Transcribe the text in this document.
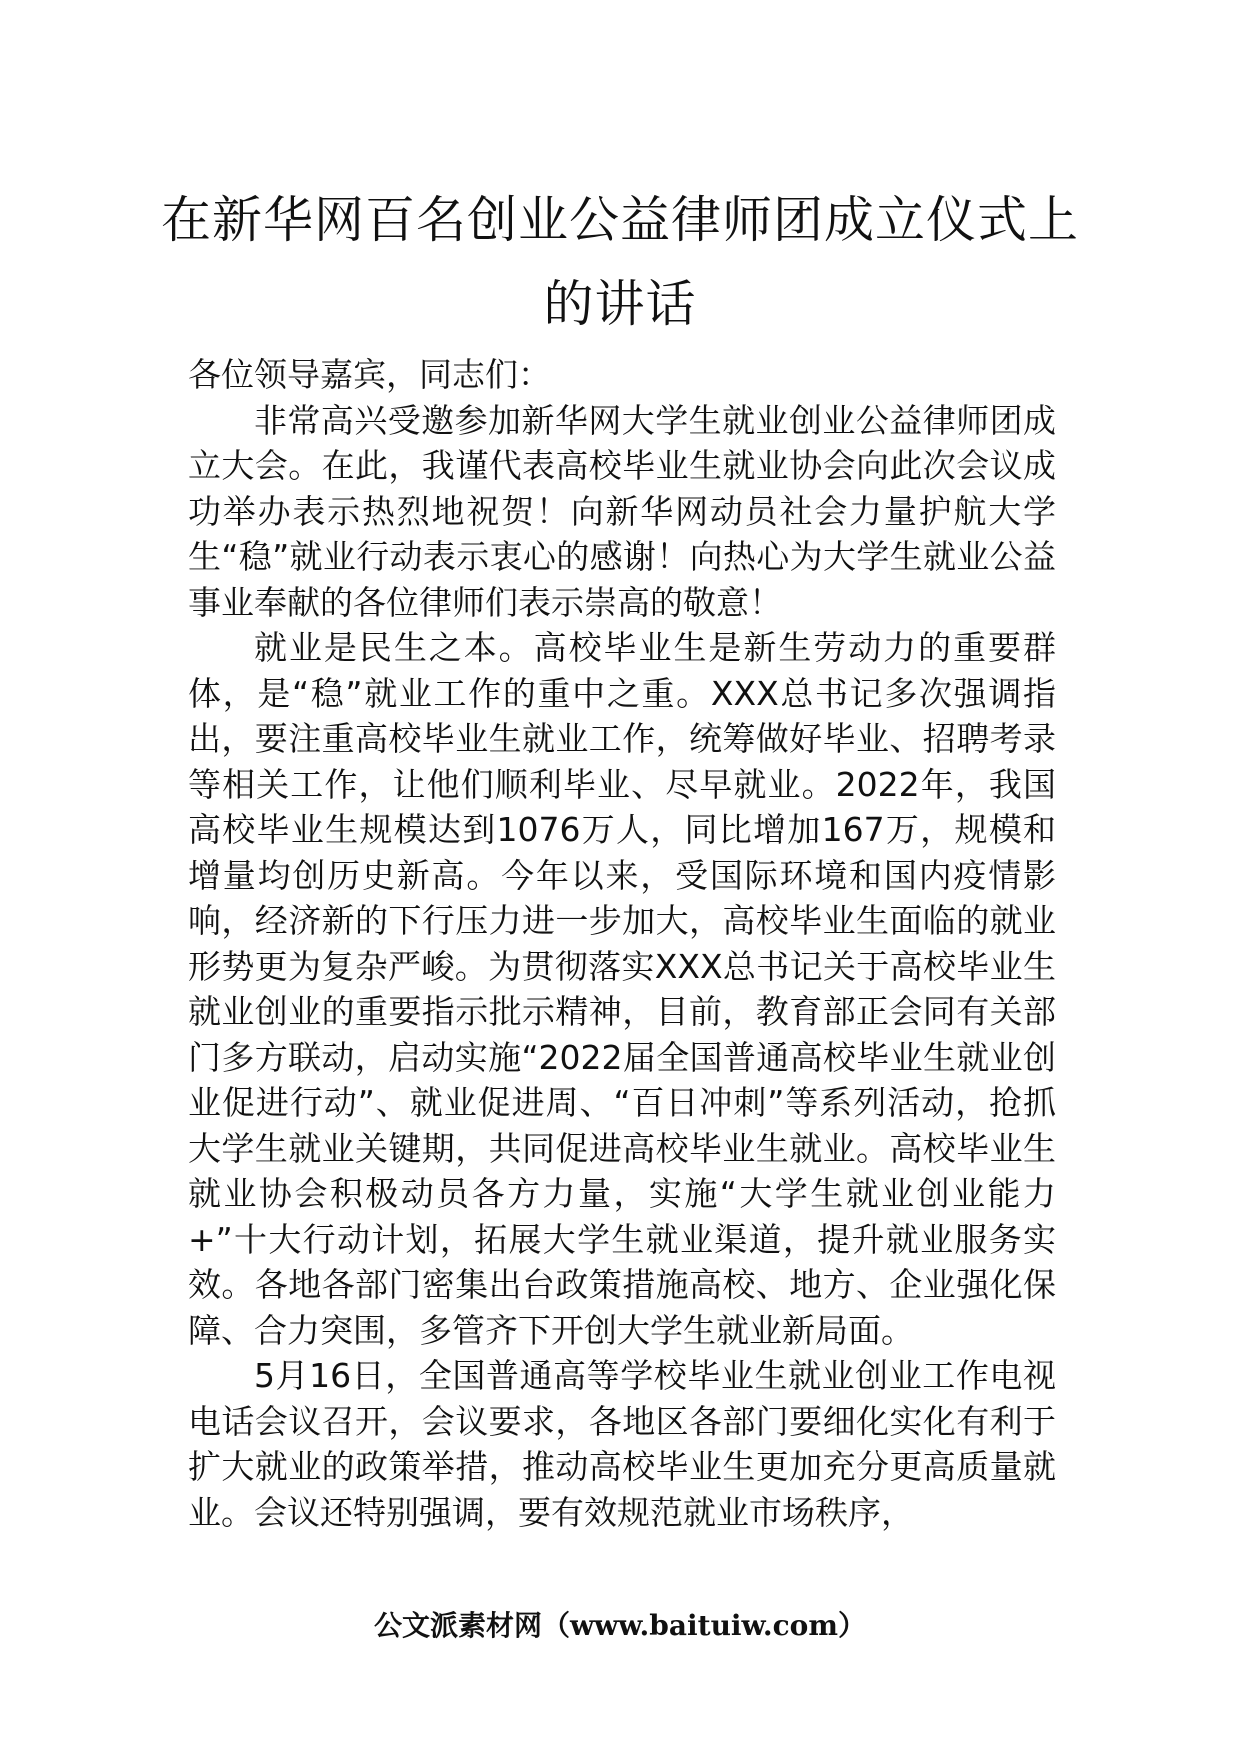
在新华网百名创业公益律师团成立仪式上
的讲话

各位领导嘉宾，同志们：

非常高兴受邀参加新华网大学生就业创业公益律师团成立大会。在此，我谨代表高校毕业生就业协会向此次会议成功举办表示热烈地祝贺！向新华网动员社会力量护航大学生“稳”就业行动表示衷心的感谢！向热心为大学生就业公益事业奉献的各位律师们表示崇高的敬意！

就业是民生之本。高校毕业生是新生劳动力的重要群体，是“稳”就业工作的重中之重。XXX总书记多次强调指出，要注重高校毕业生就业工作，统筹做好毕业、招聘考录等相关工作，让他们顺利毕业、尽早就业。2022年，我国高校毕业生规模达到1076万人，同比增加167万，规模和增量均创历史新高。今年以来，受国际环境和国内疫情影响，经济新的下行压力进一步加大，高校毕业生面临的就业形势更为复杂严峻。为贯彻落实XXX总书记关于高校毕业生就业创业的重要指示批示精神，目前，教育部正会同有关部门多方联动，启动实施“2022届全国普通高校毕业生就业创业促进行动”、就业促进周、“百日冲刺”等系列活动，抢抓大学生就业关键期，共同促进高校毕业生就业。高校毕业生就业协会积极动员各方力量，实施“大学生就业创业能力+”十大行动计划，拓展大学生就业渠道，提升就业服务实效。各地各部门密集出台政策措施高校、地方、企业强化保障、合力突围，多管齐下开创大学生就业新局面。

5月16日，全国普通高等学校毕业生就业创业工作电视电话会议召开，会议要求，各地区各部门要细化实化有利于扩大就业的政策举措，推动高校毕业生更加充分更高质量就业。会议还特别强调，要有效规范就业市场秩序，

公文派素材网（www.baituiw.com）
